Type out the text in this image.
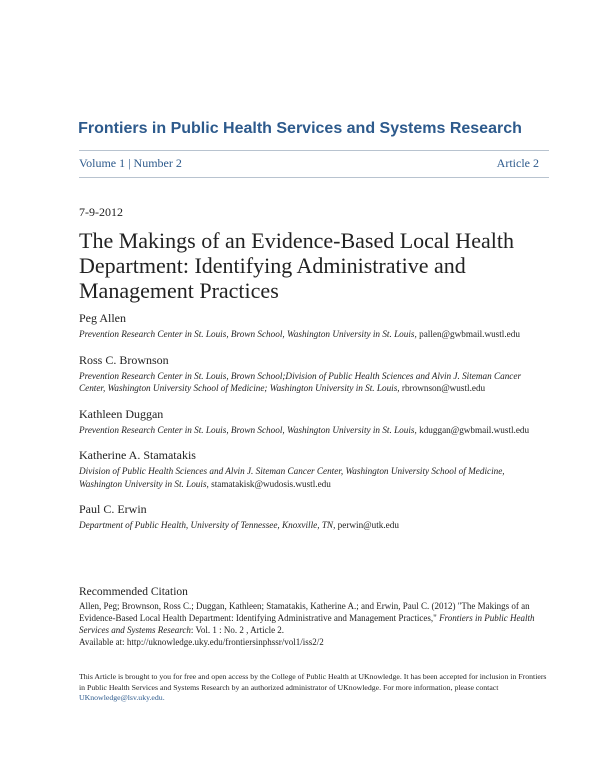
Frontiers in Public Health Services and Systems Research
Volume 1 | Number 2	Article 2
7-9-2012
The Makings of an Evidence-Based Local Health Department: Identifying Administrative and Management Practices
Peg Allen
Prevention Research Center in St. Louis, Brown School, Washington University in St. Louis, pallen@gwbmail.wustl.edu
Ross C. Brownson
Prevention Research Center in St. Louis, Brown School;Division of Public Health Sciences and Alvin J. Siteman Cancer Center, Washington University School of Medicine; Washington University in St. Louis, rbrownson@wustl.edu
Kathleen Duggan
Prevention Research Center in St. Louis, Brown School, Washington University in St. Louis, kduggan@gwbmail.wustl.edu
Katherine A. Stamatakis
Division of Public Health Sciences and Alvin J. Siteman Cancer Center, Washington University School of Medicine, Washington University in St. Louis, stamatakisk@wudosis.wustl.edu
Paul C. Erwin
Department of Public Health, University of Tennessee, Knoxville, TN, perwin@utk.edu
Recommended Citation
Allen, Peg; Brownson, Ross C.; Duggan, Kathleen; Stamatakis, Katherine A.; and Erwin, Paul C. (2012) "The Makings of an Evidence-Based Local Health Department: Identifying Administrative and Management Practices," Frontiers in Public Health Services and Systems Research: Vol. 1 : No. 2 , Article 2.
Available at: http://uknowledge.uky.edu/frontiersinphssr/vol1/iss2/2
This Article is brought to you for free and open access by the College of Public Health at UKnowledge. It has been accepted for inclusion in Frontiers in Public Health Services and Systems Research by an authorized administrator of UKnowledge. For more information, please contact
UKnowledge@lsv.uky.edu.
